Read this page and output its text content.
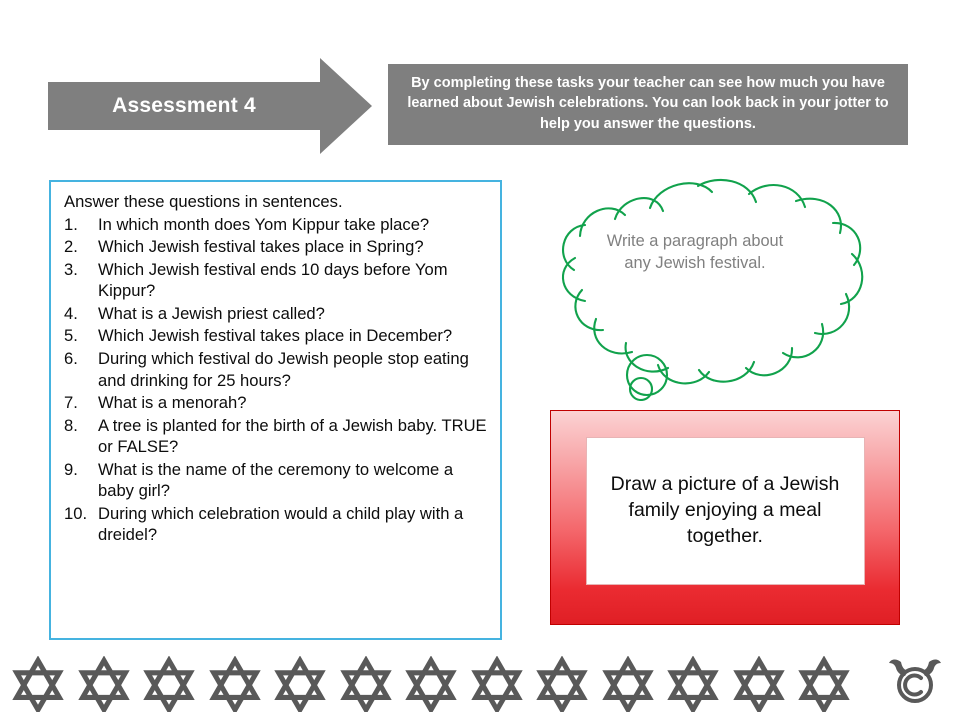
Assessment 4

By completing these tasks your teacher can see how much you have learned about Jewish celebrations. You can look back in your jotter to help you answer the questions.

Answer these questions in sentences.
1.	In which month does Yom Kippur take place?
2.	Which Jewish festival takes place in Spring?
3.	Which Jewish festival ends 10 days before Yom Kippur?
4.	What is a Jewish priest called?
5.	Which Jewish festival takes place in December?
6.	During which festival do Jewish people stop eating and drinking for 25 hours?
7.	What is a menorah?
8.	A tree is planted for the birth of a Jewish baby. TRUE or FALSE?
9.	What is the name of the ceremony to welcome a baby girl?
10. During which celebration would a child play with a dreidel?
Write a paragraph about any Jewish festival.

Draw a picture of a Jewish family enjoying a meal together.
